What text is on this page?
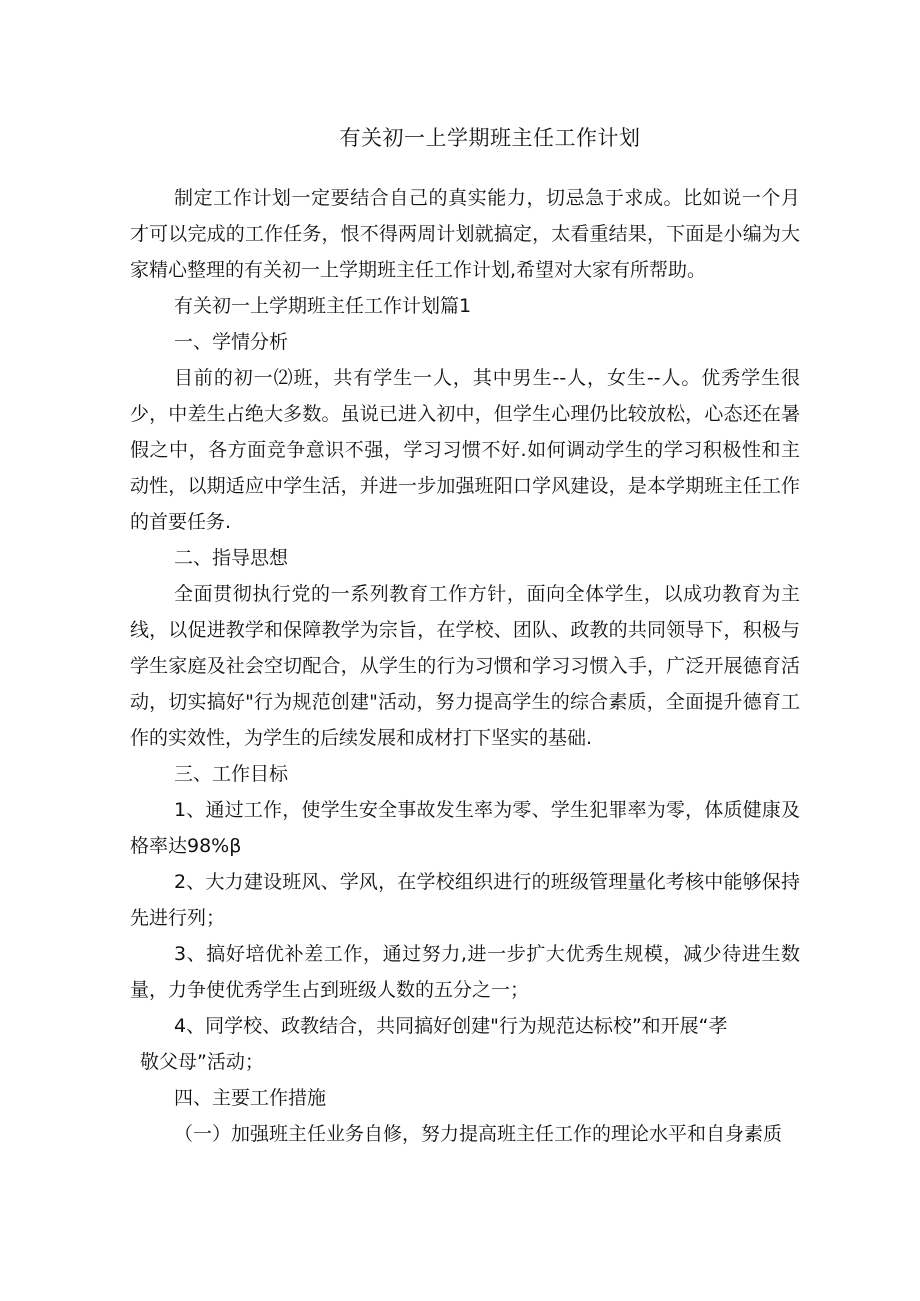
有关初一上学期班主任工作计划

制定工作计划一定要结合自己的真实能力，切忌急于求成。比如说一个月才可以完成的工作任务，恨不得两周计划就搞定，太看重结果，下面是小编为大家精心整理的有关初一上学期班主任工作计划,希望对大家有所帮助。

有关初一上学期班主任工作计划篇1

一、学情分析

目前的初一⑵班，共有学生一人，其中男生--人，女生--人。优秀学生很少，中差生占绝大多数。虽说已进入初中，但学生心理仍比较放松，心态还在暑假之中，各方面竞争意识不强，学习习惯不好.如何调动学生的学习积极性和主动性，以期适应中学生活，并进一步加强班阳口学风建设，是本学期班主任工作的首要任务.

二、指导思想

全面贯彻执行党的一系列教育工作方针，面向全体学生，以成功教育为主线，以促进教学和保障教学为宗旨，在学校、团队、政教的共同领导下，积极与学生家庭及社会空切配合，从学生的行为习惯和学习习惯入手，广泛开展德育活动，切实搞好"行为规范创建"活动，努力提高学生的综合素质，全面提升德育工作的实效性，为学生的后续发展和成材打下坚实的基础.

三、工作目标

1、通过工作，使学生安全事故发生率为零、学生犯罪率为零，体质健康及格率达98%β

2、大力建设班风、学风，在学校组织进行的班级管理量化考核中能够保持先进行列；

3、搞好培优补差工作，通过努力,进一步扩大优秀生规模，减少待进生数量，力争使优秀学生占到班级人数的五分之一；

4、同学校、政教结合，共同搞好创建"行为规范达标校”和开展“孝
敬父母”活动；

四、主要工作措施

（一）加强班主任业务自修，努力提高班主任工作的理论水平和自身素质
